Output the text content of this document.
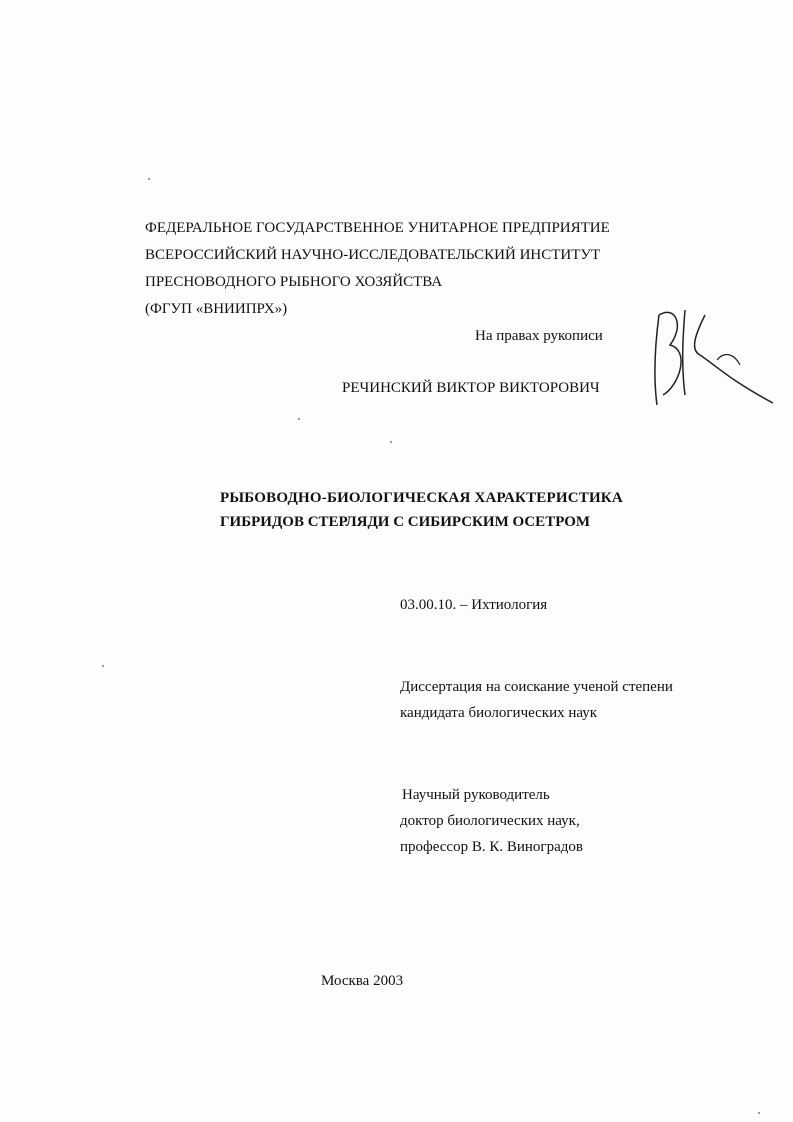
ФЕДЕРАЛЬНОЕ ГОСУДАРСТВЕННОЕ УНИТАРНОЕ ПРЕДПРИЯТИЕ
ВСЕРОССИЙСКИЙ НАУЧНО-ИССЛЕДОВАТЕЛЬСКИЙ ИНСТИТУТ
ПРЕСНОВОДНОГО РЫБНОГО ХОЗЯЙСТВА
(ФГУП «ВНИИПРХ»)
На правах рукописи
РЕЧИНСКИЙ ВИКТОР ВИКТОРОВИЧ
РЫБОВОДНО-БИОЛОГИЧЕСКАЯ ХАРАКТЕРИСТИКА
ГИБРИДОВ СТЕРЛЯДИ С СИБИРСКИМ ОСЕТРОМ
03.00.10. – Ихтиология
Диссертация на соискание ученой степени
кандидата биологических наук
Научный руководитель
доктор биологических наук,
профессор В. К. Виноградов
Москва 2003
